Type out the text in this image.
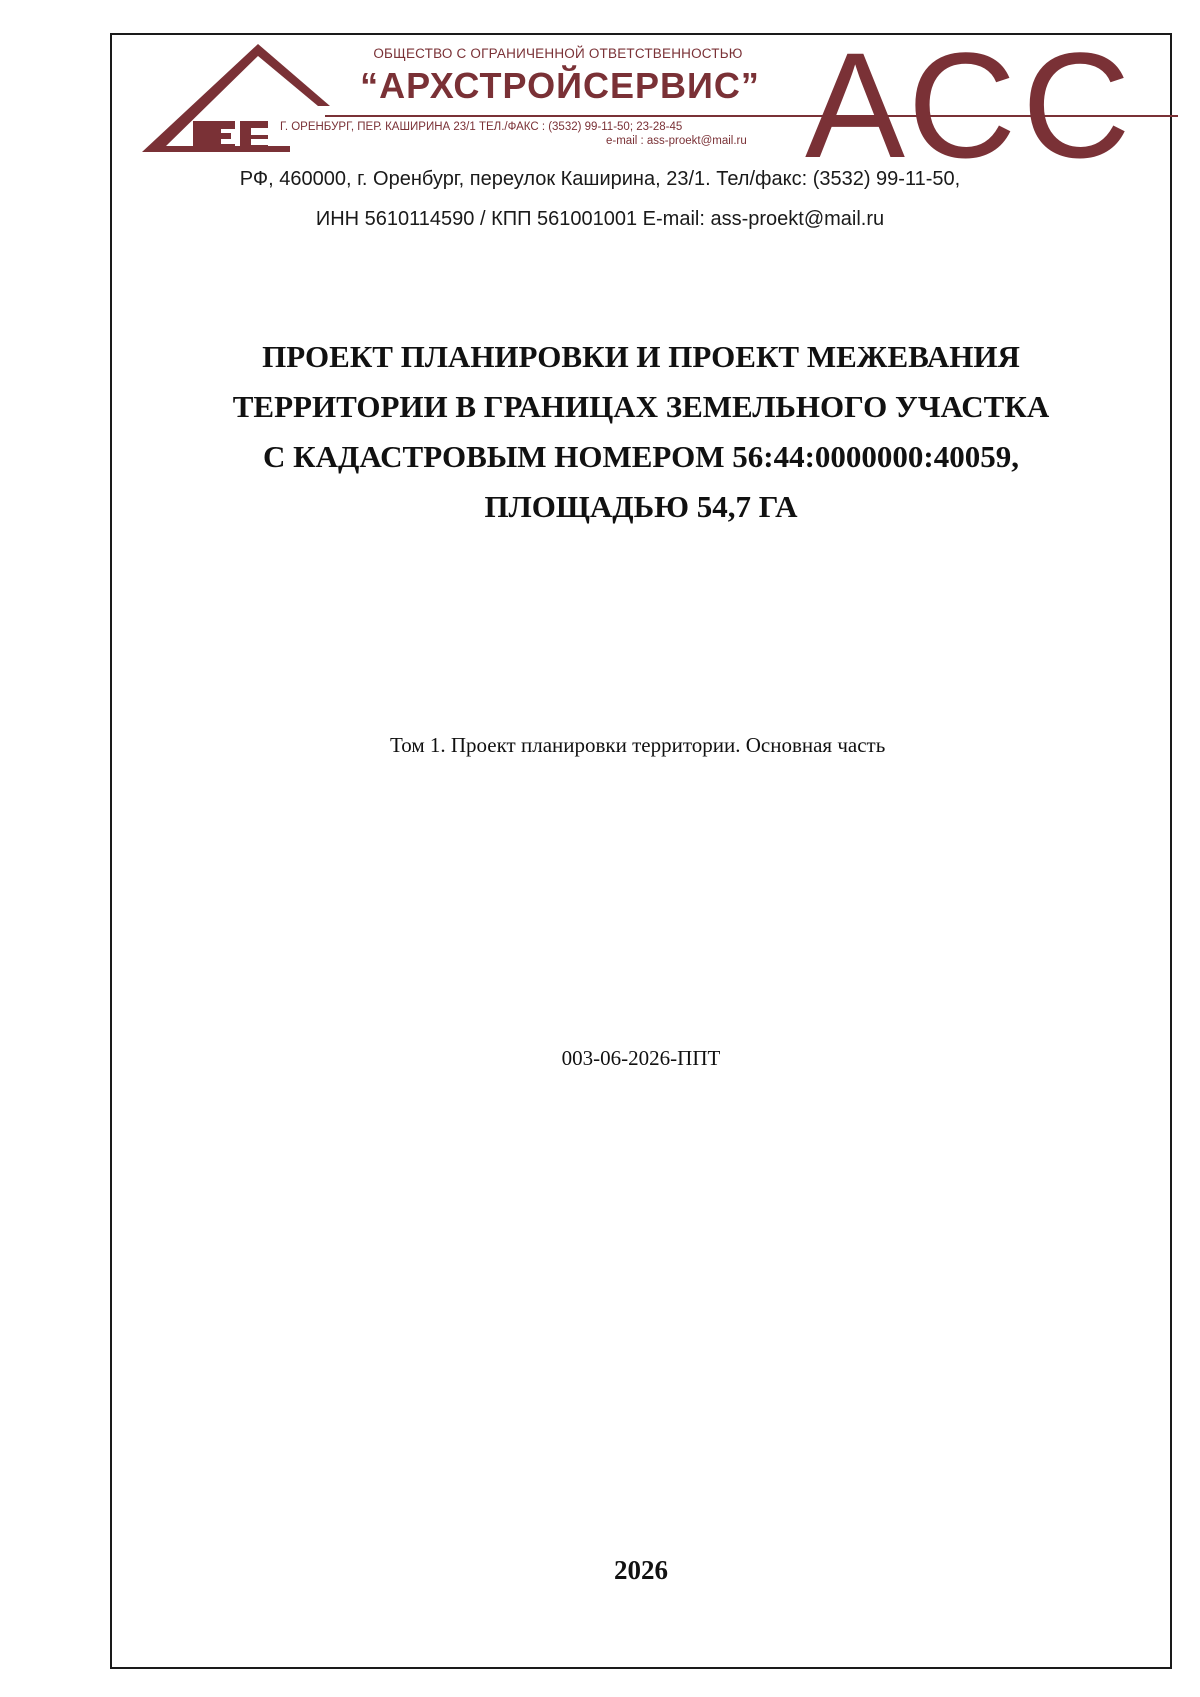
ОБЩЕСТВО С ОГРАНИЧЕННОЙ ОТВЕТСТВЕННОСТЬЮ
“АРХСТРОЙСЕРВИС”
Г. ОРЕНБУРГ, ПЕР. КАШИРИНА 23/1 ТЕЛ./ФАКС : (3532) 99-11-50; 23-28-45
e-mail : ass-proekt@mail.ru АСС
РФ, 460000, г. Оренбург, переулок Каширина, 23/1. Тел/факс: (3532) 99-11-50,
ИНН 5610114590 / КПП 561001001 E-mail: ass-proekt@mail.ru
ПРОЕКТ ПЛАНИРОВКИ И ПРОЕКТ МЕЖЕВАНИЯ
ТЕРРИТОРИИ В ГРАНИЦАХ ЗЕМЕЛЬНОГО УЧАСТКА
С КАДАСТРОВЫМ НОМЕРОМ 56:44:0000000:40059,
ПЛОЩАДЬЮ 54,7 ГА
Том 1. Проект планировки территории. Основная часть
003-06-2026-ППТ
2026
